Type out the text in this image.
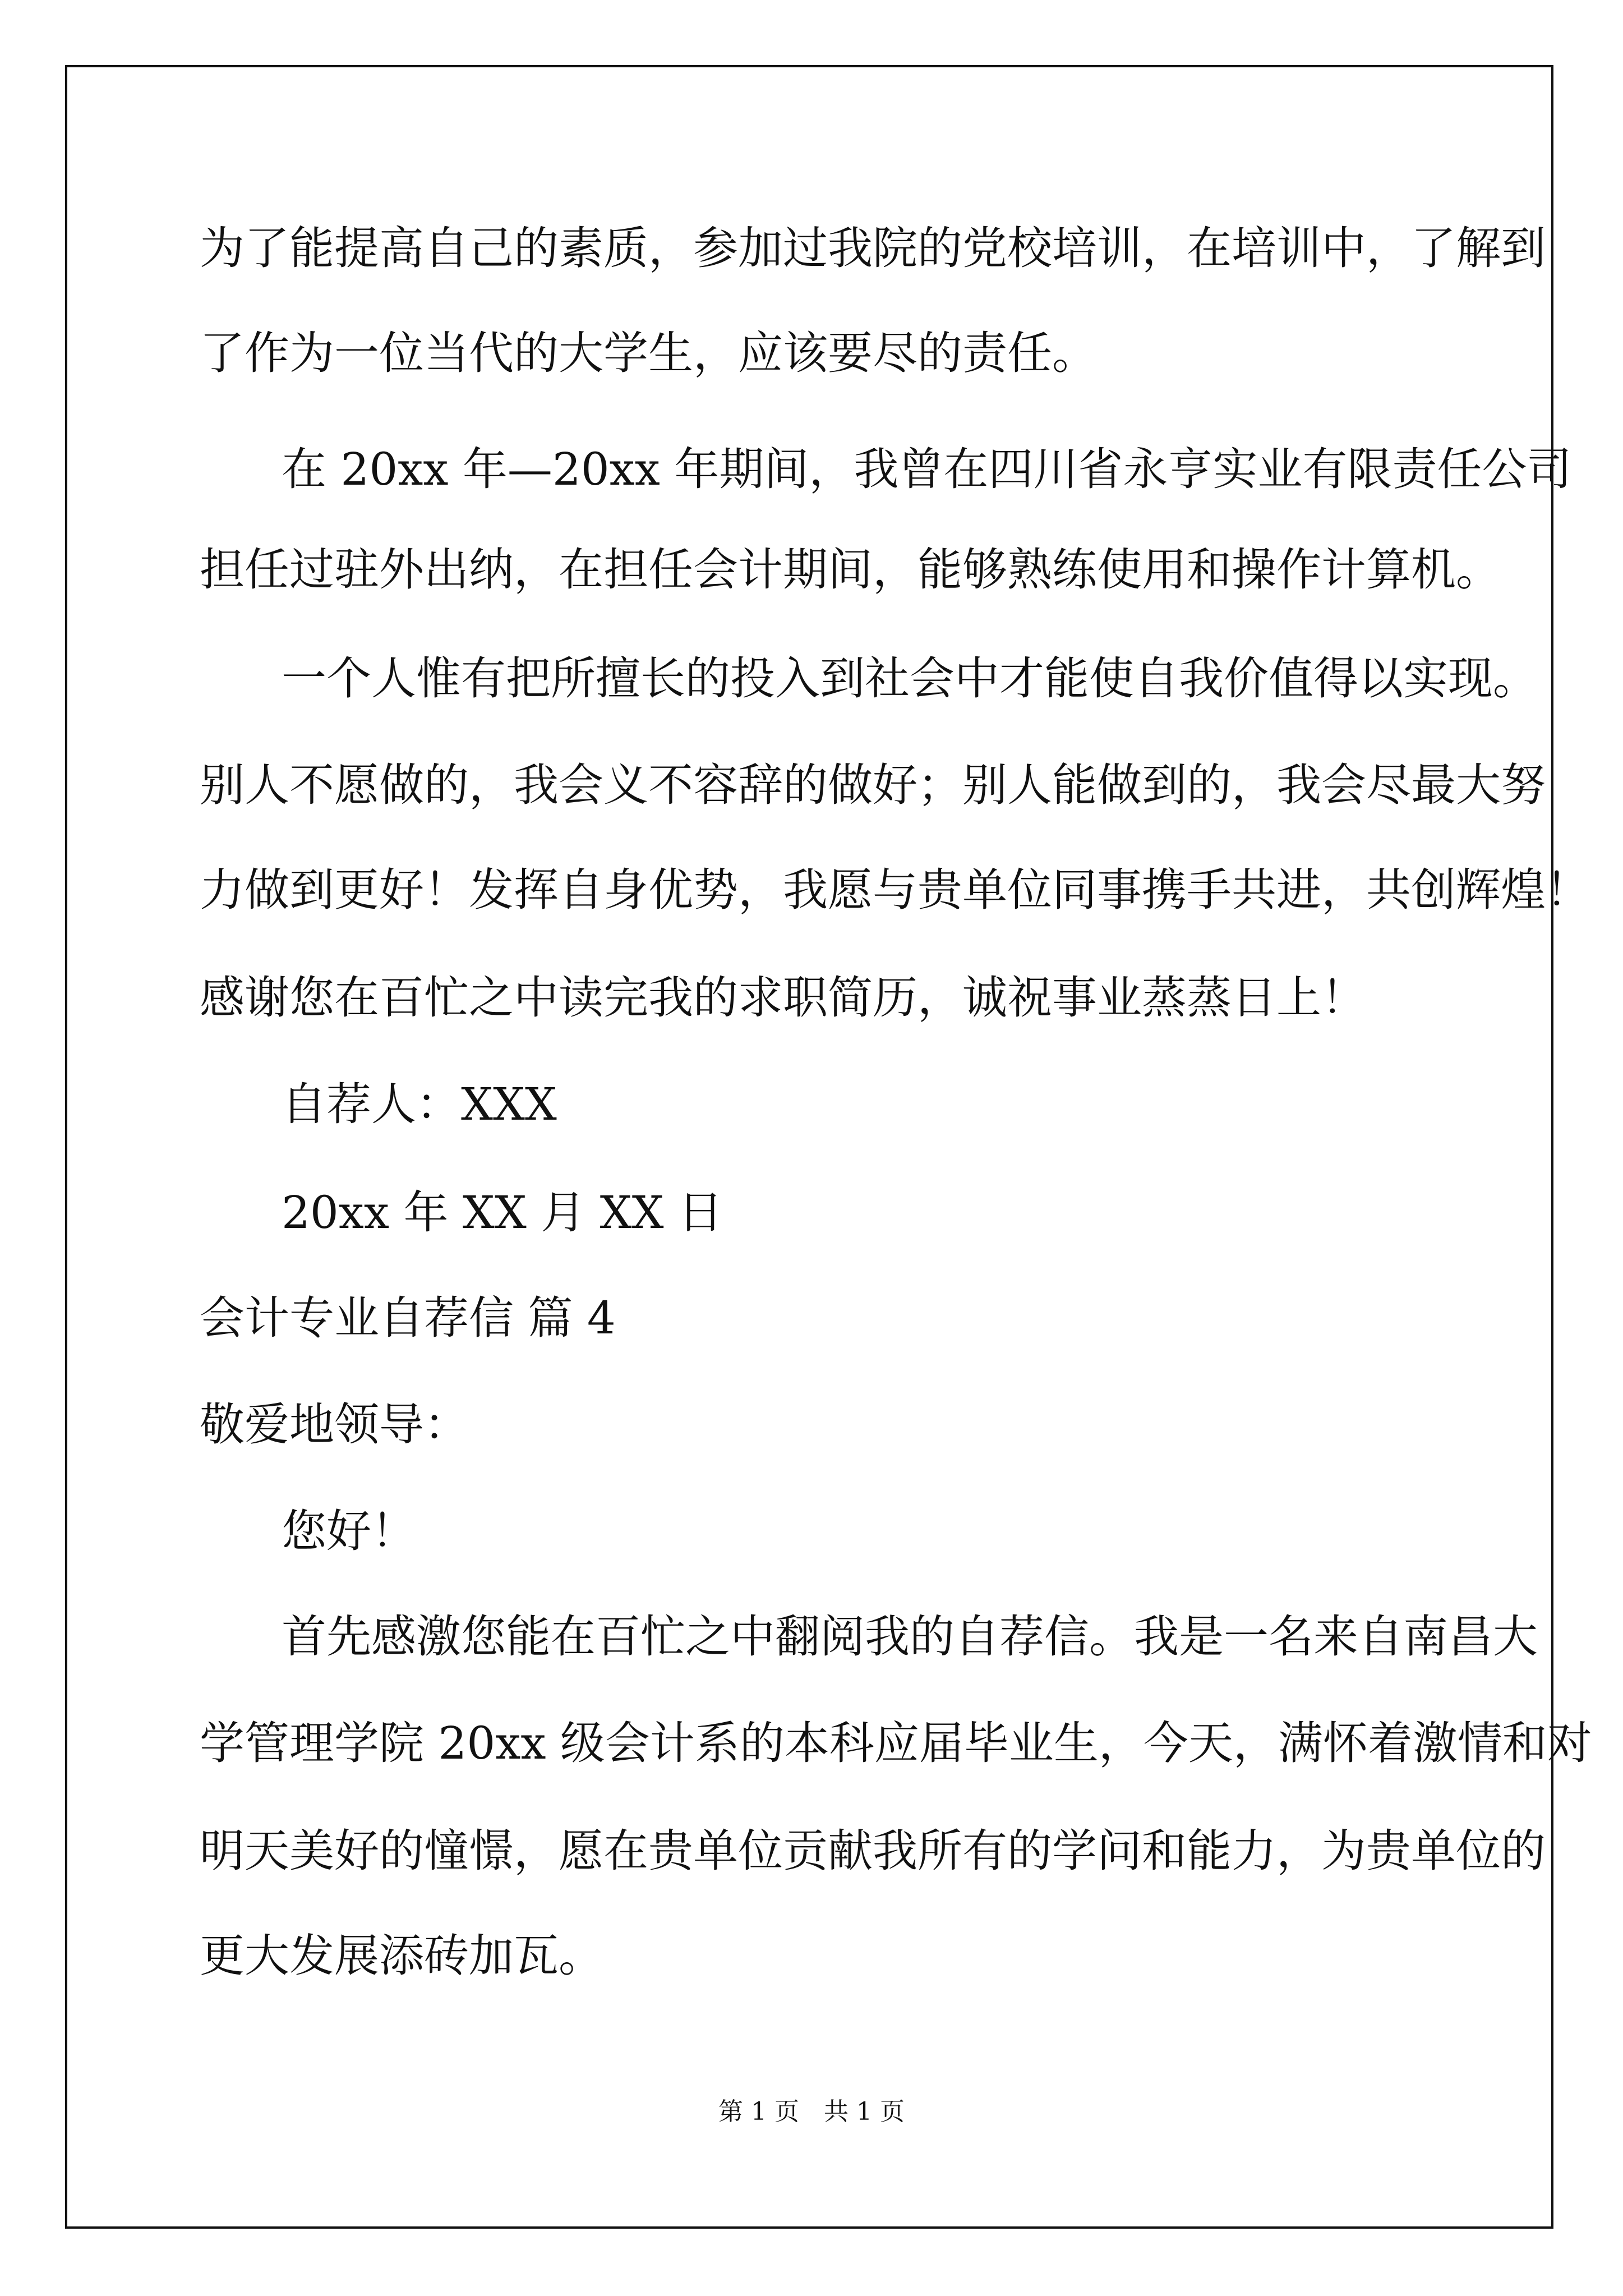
为了能提高自己的素质，参加过我院的党校培训，在培训中，了解到
了作为一位当代的大学生，应该要尽的责任。
在 20xx 年—20xx 年期间，我曾在四川省永亨实业有限责任公司
担任过驻外出纳，在担任会计期间，能够熟练使用和操作计算机。
一个人惟有把所擅长的投入到社会中才能使自我价值得以实现。
别人不愿做的，我会义不容辞的做好；别人能做到的，我会尽最大努
力做到更好！发挥自身优势，我愿与贵单位同事携手共进，共创辉煌！
感谢您在百忙之中读完我的求职简历，诚祝事业蒸蒸日上！
自荐人：XXX
20xx 年 XX 月 XX 日
会计专业自荐信 篇 4
敬爱地领导：
您好！
首先感激您能在百忙之中翻阅我的自荐信。我是一名来自南昌大
学管理学院 20xx 级会计系的本科应届毕业生，今天，满怀着激情和对
明天美好的憧憬，愿在贵单位贡献我所有的学问和能力，为贵单位的
更大发展添砖加瓦。
第 1 页　共 1 页
